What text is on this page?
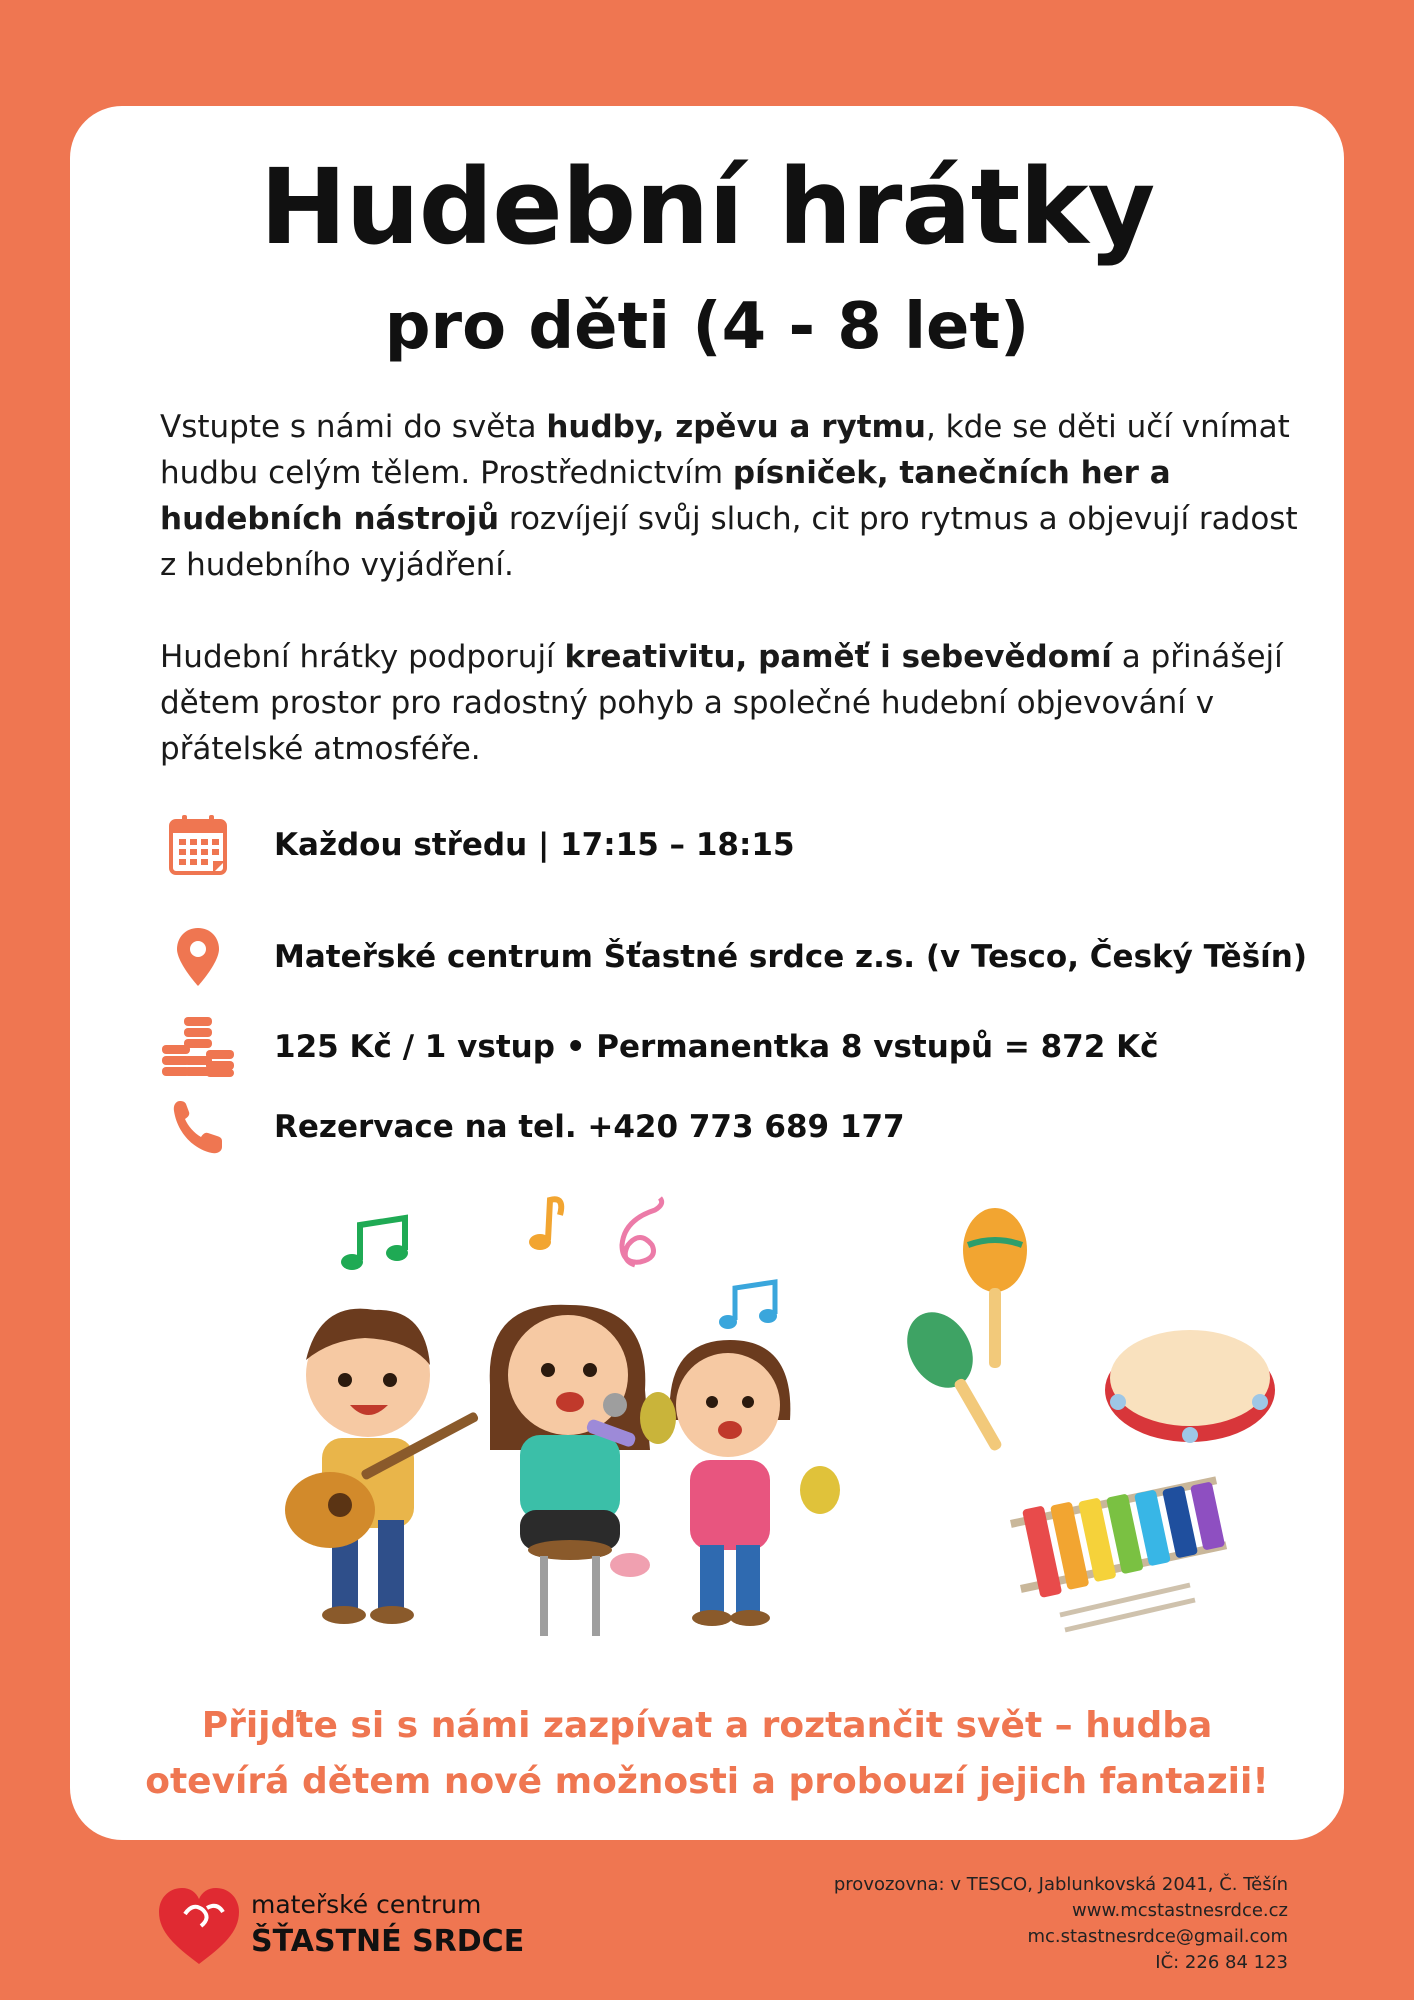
Hudební hrátky
pro děti (4 - 8 let)
Vstupte s námi do světa hudby, zpěvu a rytmu, kde se děti učí vnímat hudbu celým tělem. Prostřednictvím písniček, tanečních her a hudebních nástrojů rozvíjejí svůj sluch, cit pro rytmus a objevují radost z hudebního vyjádření.
Hudební hrátky podporují kreativitu, paměť i sebevědomí a přinášejí dětem prostor pro radostný pohyb a společné hudební objevování v přátelské atmosféře.
Každou středu | 17:15 – 18:15
Mateřské centrum Šťastné srdce z.s. (v Tesco, Český Těšín)
125 Kč / 1 vstup • Permanentka 8 vstupů = 872 Kč
Rezervace na tel. +420 773 689 177
Přijďte si s námi zazpívat a roztančit svět – hudba
otevírá dětem nové možnosti a probouzí jejich fantazii!
mateřské centrum
ŠŤASTNÉ SRDCE
provozovna: v TESCO, Jablunkovská 2041, Č. Těšín
www.mcstastnesrdce.cz
mc.stastnesrdce@gmail.com
IČ: 226 84 123
